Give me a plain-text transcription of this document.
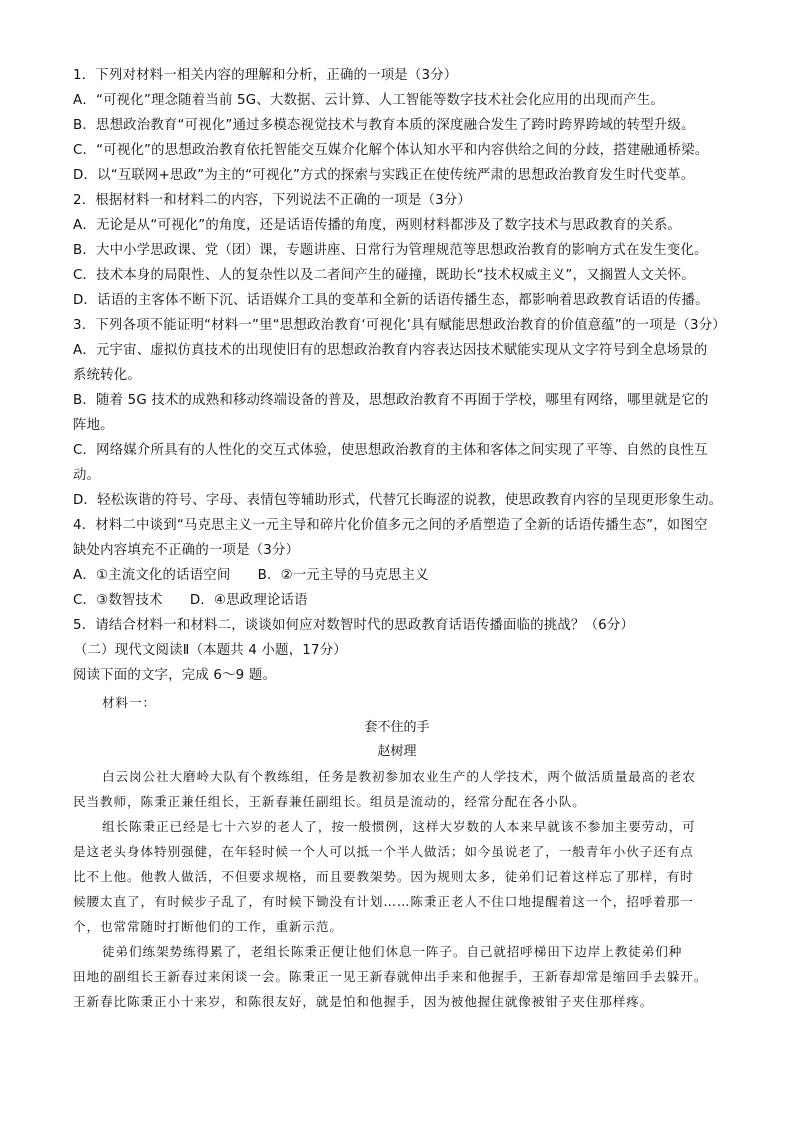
1．下列对材料一相关内容的理解和分析，正确的一项是（3分）
A．“可视化”理念随着当前 5G、大数据、云计算、人工智能等数字技术社会化应用的出现而产生。
B．思想政治教育“可视化”通过多模态视觉技术与教育本质的深度融合发生了跨时跨界跨域的转型升级。
C．“可视化”的思想政治教育依托智能交互媒介化解个体认知水平和内容供给之间的分歧，搭建融通桥梁。
D．以“互联网+思政”为主的“可视化”方式的探索与实践正在使传统严肃的思想政治教育发生时代变革。
2．根据材料一和材料二的内容，下列说法不正确的一项是（3分）
A．无论是从“可视化”的角度，还是话语传播的角度，两则材料都涉及了数字技术与思政教育的关系。
B．大中小学思政课、党（团）课，专题讲座、日常行为管理规范等思想政治教育的影响方式在发生变化。
C．技术本身的局限性、人的复杂性以及二者间产生的碰撞，既助长“技术权威主义”，又搁置人文关怀。
D．话语的主客体不断下沉、话语媒介工具的变革和全新的话语传播生态，都影响着思政教育话语的传播。
3．下列各项不能证明“材料一”里“思想政治教育‘可视化’具有赋能思想政治教育的价值意蕴”的一项是（3分）
A．元宇宙、虚拟仿真技术的出现使旧有的思想政治教育内容表达因技术赋能实现从文字符号到全息场景的
系统转化。
B．随着 5G 技术的成熟和移动终端设备的普及，思想政治教育不再囿于学校，哪里有网络，哪里就是它的
阵地。
C．网络媒介所具有的人性化的交互式体验，使思想政治教育的主体和客体之间实现了平等、自然的良性互
动。
D．轻松诙谐的符号、字母、表情包等辅助形式，代替冗长晦涩的说教，使思政教育内容的呈现更形象生动。
4．材料二中谈到“马克思主义一元主导和碎片化价值多元之间的矛盾塑造了全新的话语传播生态”，如图空
缺处内容填充不正确的一项是（3分）
A．①主流文化的话语空间　　B．②一元主导的马克思主义
C．③数智技术　　D．④思政理论话语
5．请结合材料一和材料二，谈谈如何应对数智时代的思政教育话语传播面临的挑战？（6分）
（二）现代文阅读Ⅱ（本题共 4 小题，17分）
阅读下面的文字，完成 6～9 题。
材料一：
套不住的手
赵树理
白云岗公社大磨岭大队有个教练组，任务是教初参加农业生产的人学技术，两个做活质量最高的老农
民当教师，陈秉正兼任组长，王新春兼任副组长。组员是流动的，经常分配在各小队。
组长陈秉正已经是七十六岁的老人了，按一般惯例，这样大岁数的人本来早就该不参加主要劳动，可
是这老头身体特别强健，在年轻时候一个人可以抵一个半人做活；如今虽说老了，一般青年小伙子还有点
比不上他。他教人做活，不但要求规格，而且要教架势。因为规则太多，徒弟们记着这样忘了那样，有时
候腰太直了，有时候步子乱了，有时候下锄没有计划……陈秉正老人不住口地提醒着这一个，招呼着那一
个，也常常随时打断他们的工作，重新示范。
徒弟们练架势练得累了，老组长陈秉正便让他们休息一阵子。自己就招呼梯田下边岸上教徒弟们种
田地的副组长王新春过来闲谈一会。陈秉正一见王新春就伸出手来和他握手，王新春却常是缩回手去躲开。
王新春比陈秉正小十来岁，和陈很友好，就是怕和他握手，因为被他握住就像被钳子夹住那样疼。
